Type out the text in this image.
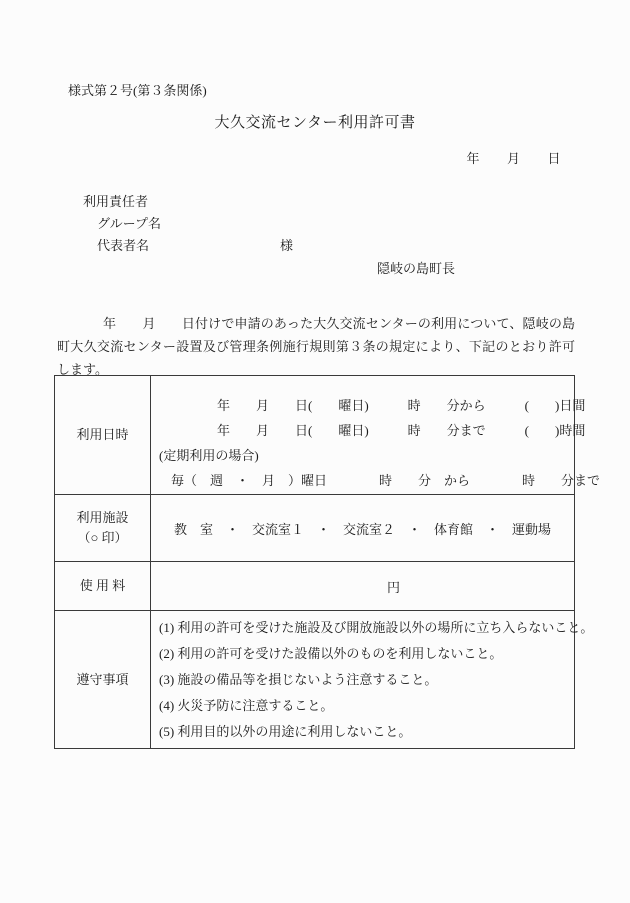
様式第２号(第３条関係)
大久交流センター利用許可書
年　　月　　日
利用責任者
グループ名
代表者名	様
隠岐の島町長

年　　月　　日付けで申請のあった大久交流センターの利用について、隠岐の島町大久交流センター設置及び管理条例施行規則第３条の規定により、下記のとおり許可します。

利用日時	年　　月　　日(　　曜日)　　　時　　分から　　　(　　)日間
年　　月　　日(　　曜日)　　　時　　分まで　　　(　　)時間
(定期利用の場合)
毎（　週　・　月　）曜日　　　　時　　分　から　　　　時　　分まで

利用施設
（○ 印）	教　室　・　交流室１　・　交流室２　・　体育館　・　運動場
使 用 料	円
遵守事項	(1) 利用の許可を受けた施設及び開放施設以外の場所に立ち入らないこと。
(2) 利用の許可を受けた設備以外のものを利用しないこと。
(3) 施設の備品等を損じないよう注意すること。
(4) 火災予防に注意すること。
(5) 利用目的以外の用途に利用しないこと。
